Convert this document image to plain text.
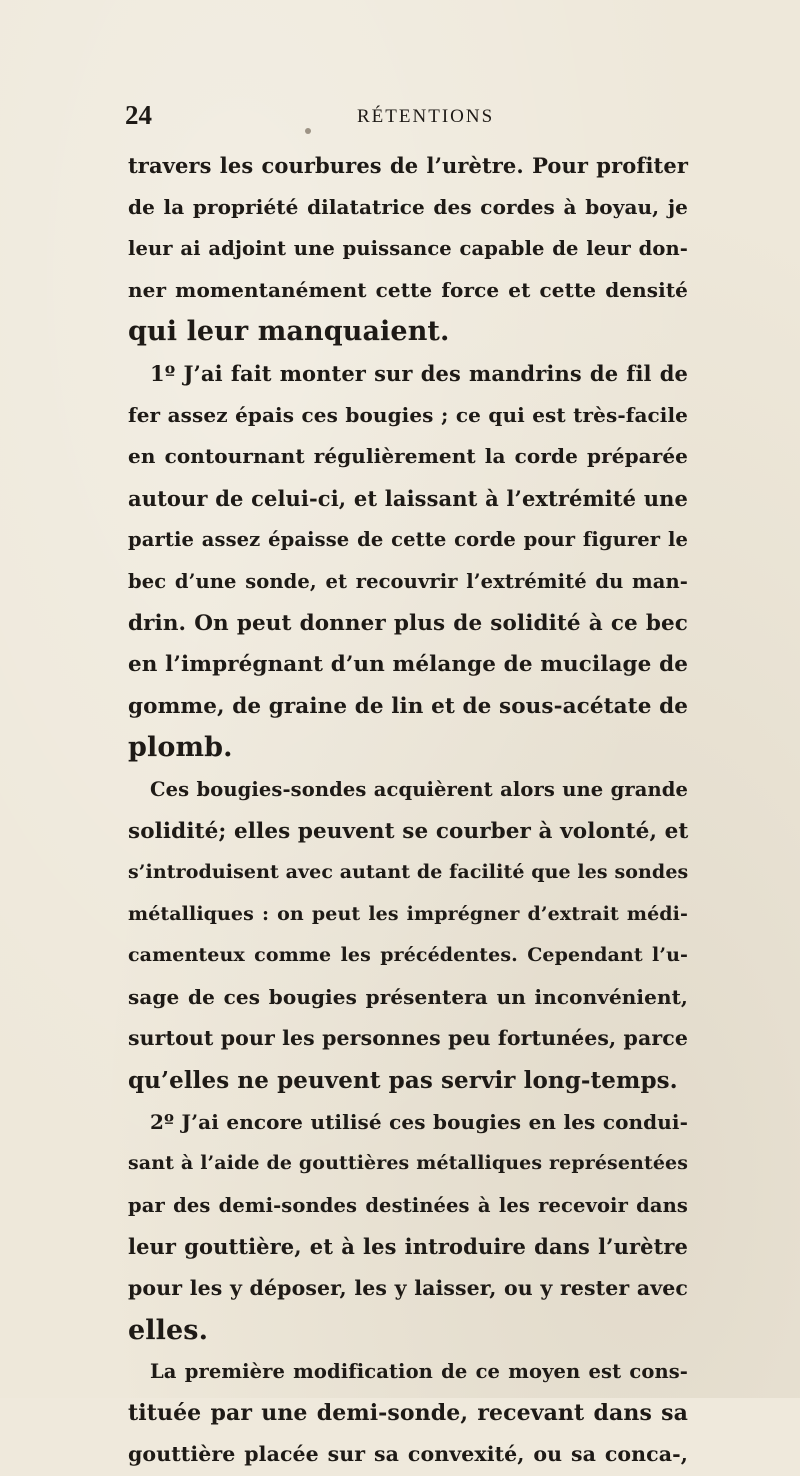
24	RÉTENTIONS
travers les courbures de l’urètre. Pour profiter
de la propriété dilatatrice des cordes à boyau, je
leur ai adjoint une puissance capable de leur don-
ner momentanément cette force et cette densité
qui leur manquaient.
1º J’ai fait monter sur des mandrins de fil de
fer assez épais ces bougies ; ce qui est très-facile
en contournant régulièrement la corde préparée
autour de celui-ci, et laissant à l’extrémité une
partie assez épaisse de cette corde pour figurer le
bec d’une sonde, et recouvrir l’extrémité du man-
drin. On peut donner plus de solidité à ce bec
en l’imprégnant d’un mélange de mucilage de
gomme, de graine de lin et de sous-acétate de
plomb.
Ces bougies-sondes acquièrent alors une grande
solidité; elles peuvent se courber à volonté, et
s’introduisent avec autant de facilité que les sondes
métalliques : on peut les imprégner d’extrait médi-
camenteux comme les précédentes. Cependant l’u-
sage de ces bougies présentera un inconvénient,
surtout pour les personnes peu fortunées, parce
qu’elles ne peuvent pas servir long-temps.
2º J’ai encore utilisé ces bougies en les condui-
sant à l’aide de gouttières métalliques représentées
par des demi-sondes destinées à les recevoir dans
leur gouttière, et à les introduire dans l’urètre
pour les y déposer, les y laisser, ou y rester avec
elles.
La première modification de ce moyen est cons-
tituée par une demi-sonde, recevant dans sa
gouttière placée sur sa convexité, ou sa conca-,
